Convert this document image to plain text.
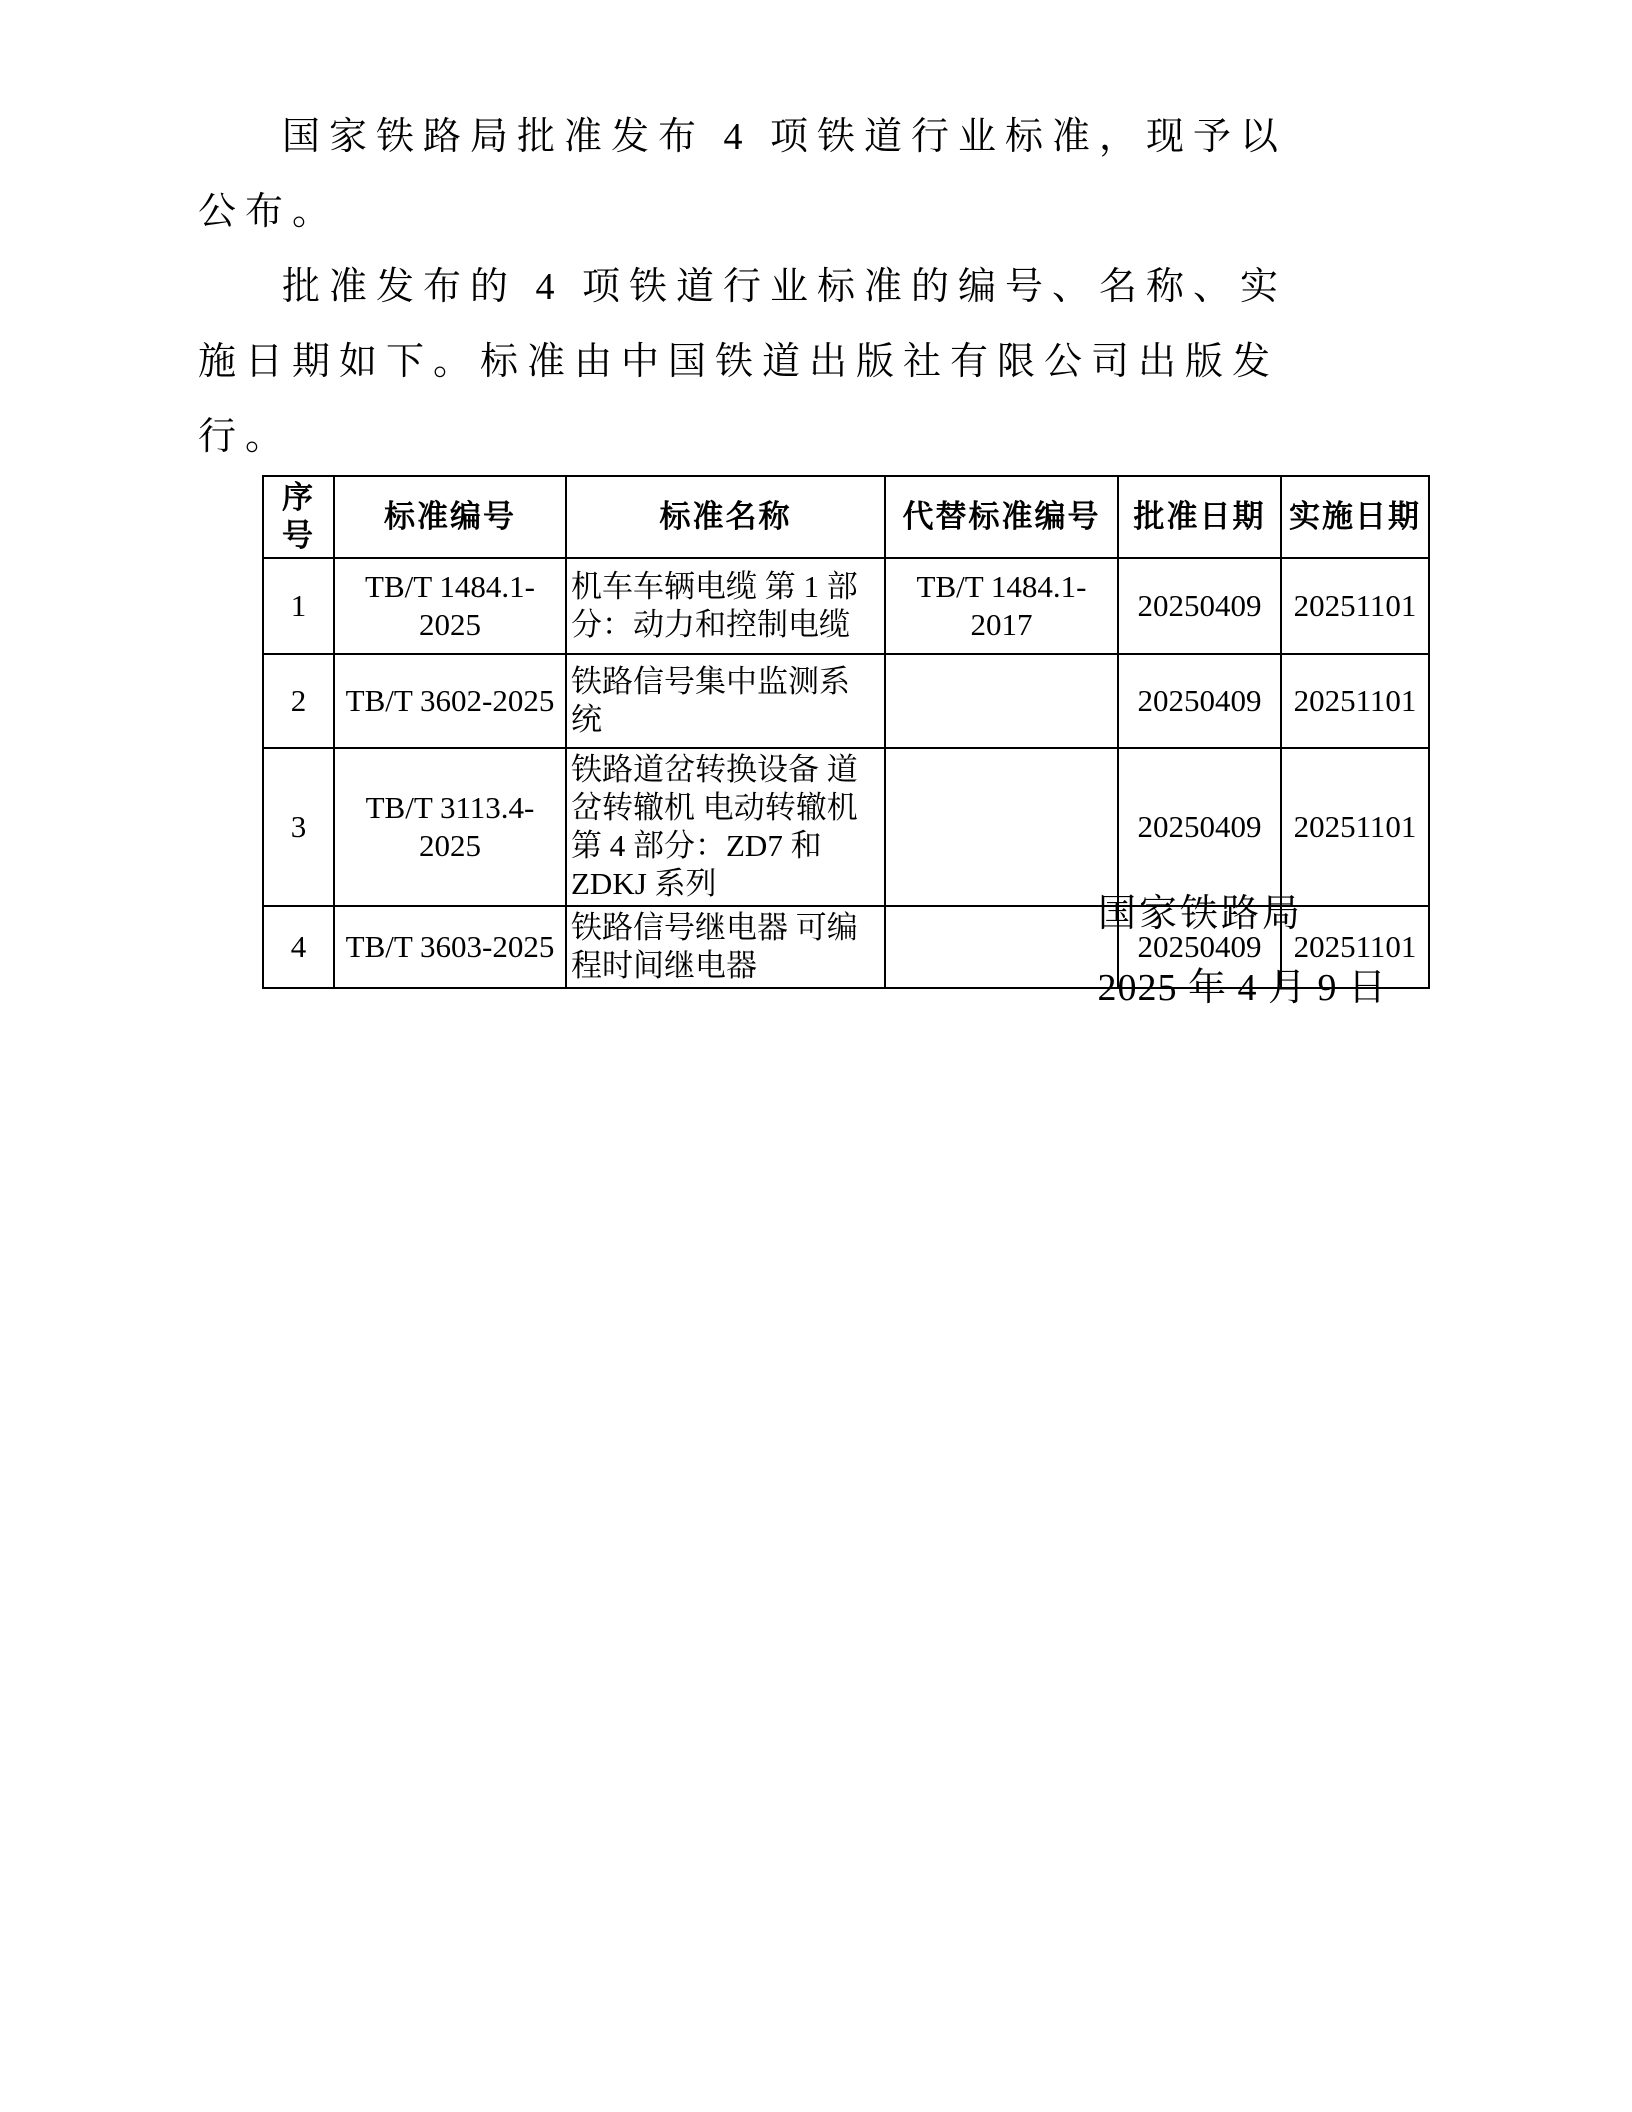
国家铁路局批准发布 4 项铁道行业标准，现予以公布。

批准发布的 4 项铁道行业标准的编号、名称、实施日期如下。标准由中国铁道出版社有限公司出版发行。

序号	标准编号	标准名称	代替标准编号	批准日期	实施日期
1	TB/T 1484.1-2025	机车车辆电缆 第 1 部分：动力和控制电缆	TB/T 1484.1-2017	20250409	20251101
2	TB/T 3602-2025	铁路信号集中监测系统		20250409	20251101
3	TB/T 3113.4-2025	铁路道岔转换设备 道岔转辙机 电动转辙机 第 4 部分：ZD7 和 ZDKJ 系列		20250409	20251101
4	TB/T 3603-2025	铁路信号继电器 可编程时间继电器		20250409	20251101
国家铁路局
2025 年 4 月 9 日
